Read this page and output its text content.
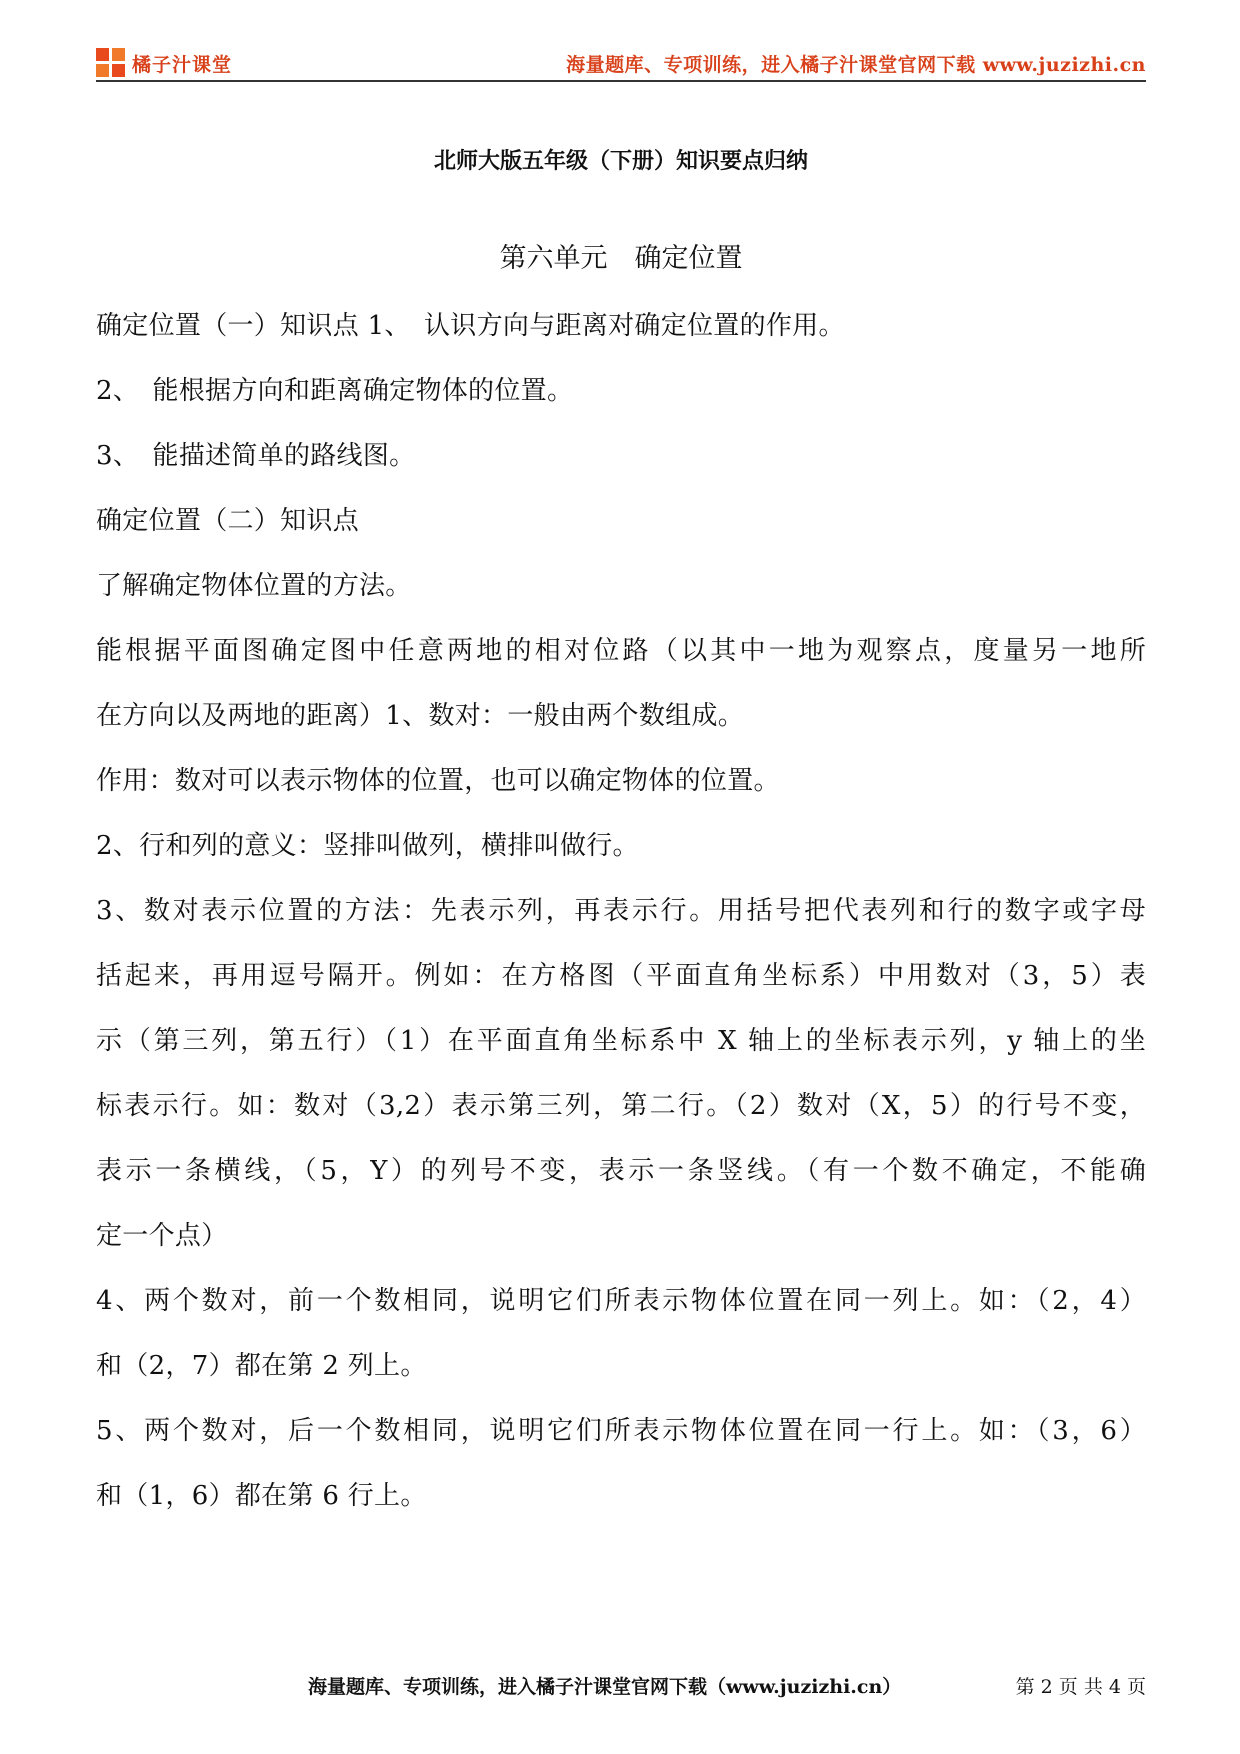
橘子汁课堂	海量题库、专项训练，进入橘子汁课堂官网下载 www.juzizhi.cn
北师大版五年级（下册）知识要点归纳
第六单元　确定位置
确定位置（一）知识点 1、　认识方向与距离对确定位置的作用。
2、　能根据方向和距离确定物体的位置。
3、　能描述简单的路线图。
确定位置（二）知识点
了解确定物体位置的方法。
能根据平面图确定图中任意两地的相对位路（以其中一地为观察点，度量另一地所
在方向以及两地的距离）1、数对：一般由两个数组成。
作用：数对可以表示物体的位置，也可以确定物体的位置。
2、行和列的意义：竖排叫做列，横排叫做行。
3、数对表示位置的方法：先表示列，再表示行。用括号把代表列和行的数字或字母
括起来，再用逗号隔开。例如：在方格图（平面直角坐标系）中用数对（3，5）表
示（第三列，第五行）（1）在平面直角坐标系中 X 轴上的坐标表示列，y 轴上的坐
标表示行。如：数对（3,2）表示第三列，第二行。（2）数对（X，5）的行号不变，
表示一条横线，（5，Y）的列号不变，表示一条竖线。（有一个数不确定，不能确
定一个点）
4、两个数对，前一个数相同，说明它们所表示物体位置在同一列上。如：（2，4）
和（2，7）都在第 2 列上。
5、两个数对，后一个数相同，说明它们所表示物体位置在同一行上。如：（3，6）
和（1，6）都在第 6 行上。
海量题库、专项训练，进入橘子汁课堂官网下载（www.juzizhi.cn）	第 2 页 共 4 页
